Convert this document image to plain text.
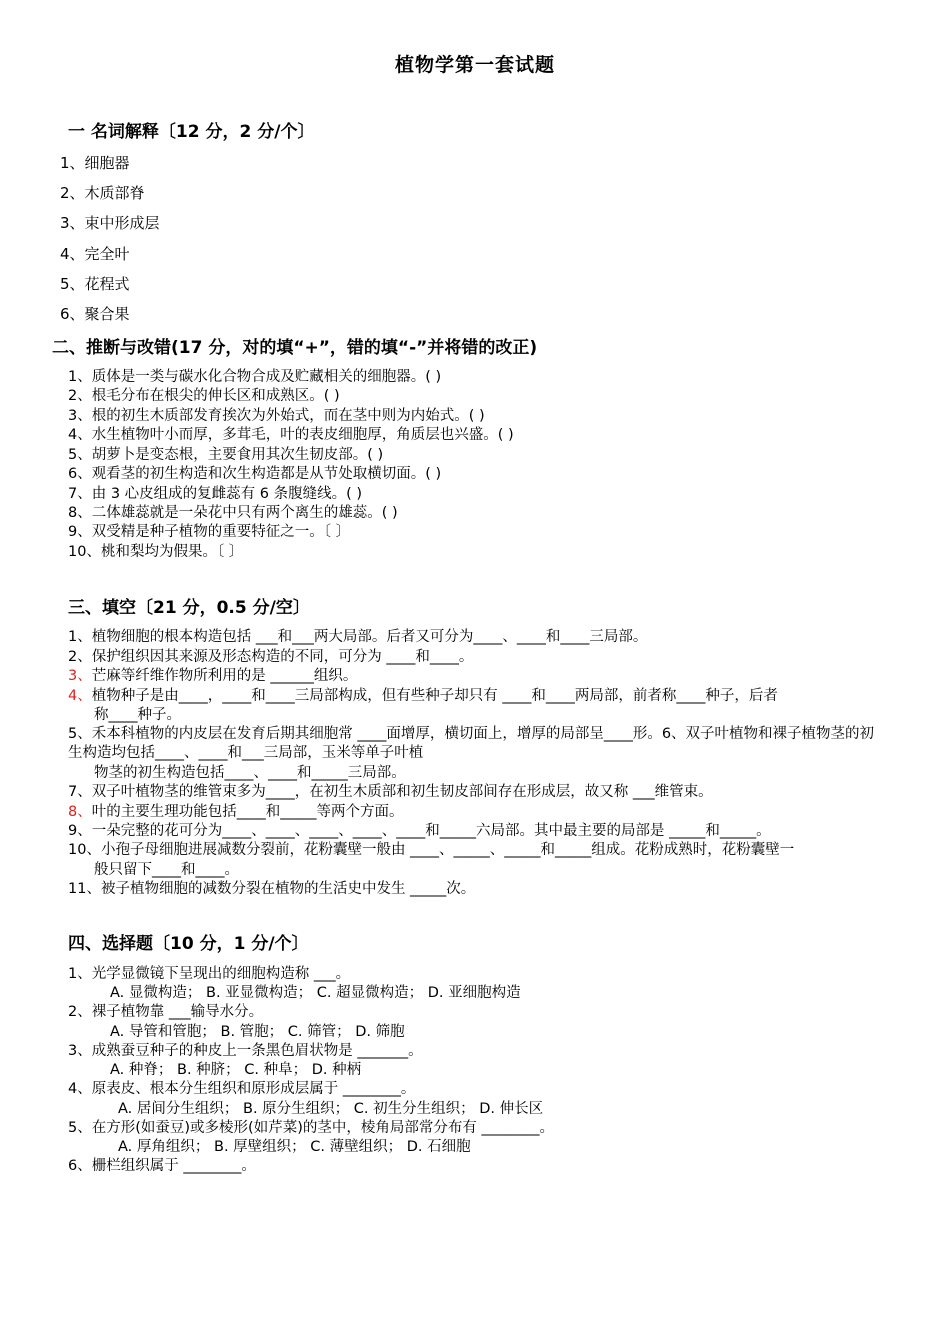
植物学第一套试题
一 名词解释〔12 分，2 分/个〕
1、细胞器
2、木质部脊
3、束中形成层
4、完全叶
5、花程式
6、聚合果
二、推断与改错(17 分，对的填“+”，错的填“-”并将错的改正)
1、质体是一类与碳水化合物合成及贮藏相关的细胞器。( )
2、根毛分布在根尖的伸长区和成熟区。( )
3、根的初生木质部发育挨次为外始式，而在茎中则为内始式。( )
4、水生植物叶小而厚，多茸毛，叶的表皮细胞厚，角质层也兴盛。( )
5、胡萝卜是变态根，主要食用其次生韧皮部。( )
6、观看茎的初生构造和次生构造都是从节处取横切面。( )
7、由 3 心皮组成的复雌蕊有 6 条腹缝线。( )
8、二体雄蕊就是一朵花中只有两个离生的雄蕊。( )
9、双受精是种子植物的重要特征之一。〔 〕
10、桃和梨均为假果。〔 〕
三、填空〔21 分，0.5 分/空〕
1、植物细胞的根本构造包括 ___和___两大局部。后者又可分为____、____和____三局部。
2、保护组织因其来源及形态构造的不同，可分为 ____和____。
3、芒麻等纤维作物所利用的是 ______组织。
4、植物种子是由____，____和____三局部构成，但有些种子却只有 ____和____两局部，前者称____种子，后者
称____种子。
5、禾本科植物的内皮层在发育后期其细胞常 ____面增厚，横切面上，增厚的局部呈____形。6、双子叶植物和裸子植物茎的初生构造均包括____、____和___三局部，玉米等单子叶植
物茎的初生构造包括____、____和_____三局部。
7、双子叶植物茎的维管束多为____，在初生木质部和初生韧皮部间存在形成层，故又称 ___维管束。
8、叶的主要生理功能包括____和_____等两个方面。
9、一朵完整的花可分为____、____、____、____、____和_____六局部。其中最主要的局部是 _____和_____。
10、小孢子母细胞进展减数分裂前，花粉囊壁一般由 ____、_____、_____和_____组成。花粉成熟时，花粉囊壁一
般只留下____和____。
11、被子植物细胞的减数分裂在植物的生活史中发生 _____次。
四、选择题〔10 分，1 分/个〕
1、光学显微镜下呈现出的细胞构造称 ___。
A. 显微构造； B. 亚显微构造； C. 超显微构造； D. 亚细胞构造
2、裸子植物靠 ___输导水分。
A. 导管和管胞； B. 管胞； C. 筛管； D. 筛胞
3、成熟蚕豆种子的种皮上一条黑色眉状物是 _______。
A. 种脊； B. 种脐； C. 种阜； D. 种柄
4、原表皮、根本分生组织和原形成层属于 ________。
A. 居间分生组织； B. 原分生组织； C. 初生分生组织； D. 伸长区
5、在方形(如蚕豆)或多棱形(如芹菜)的茎中，棱角局部常分布有 ________。
A. 厚角组织； B. 厚壁组织； C. 薄壁组织； D. 石细胞
6、栅栏组织属于 ________。
